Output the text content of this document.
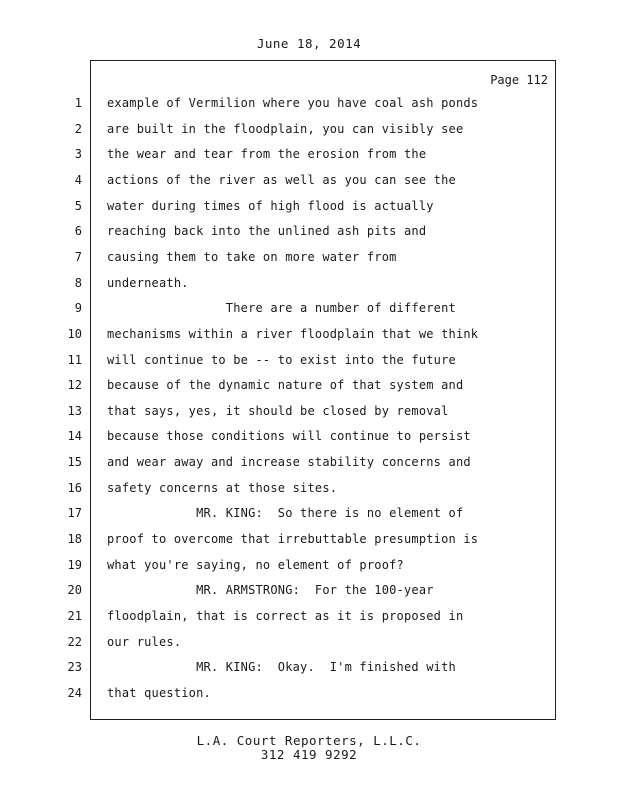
June 18, 2014
Page 112
1 example of Vermilion where you have coal ash ponds
2 are built in the floodplain, you can visibly see
3 the wear and tear from the erosion from the
4 actions of the river as well as you can see the
5 water during times of high flood is actually
6 reaching back into the unlined ash pits and
7 causing them to take on more water from
8 underneath.
9 There are a number of different
10 mechanisms within a river floodplain that we think
11 will continue to be -- to exist into the future
12 because of the dynamic nature of that system and
13 that says, yes, it should be closed by removal
14 because those conditions will continue to persist
15 and wear away and increase stability concerns and
16 safety concerns at those sites.
17 MR. KING:  So there is no element of
18 proof to overcome that irrebuttable presumption is
19 what you're saying, no element of proof?
20 MR. ARMSTRONG:  For the 100-year
21 floodplain, that is correct as it is proposed in
22 our rules.
23 MR. KING:  Okay.  I'm finished with
24 that question.
L.A. Court Reporters, L.L.C.
312 419 9292
